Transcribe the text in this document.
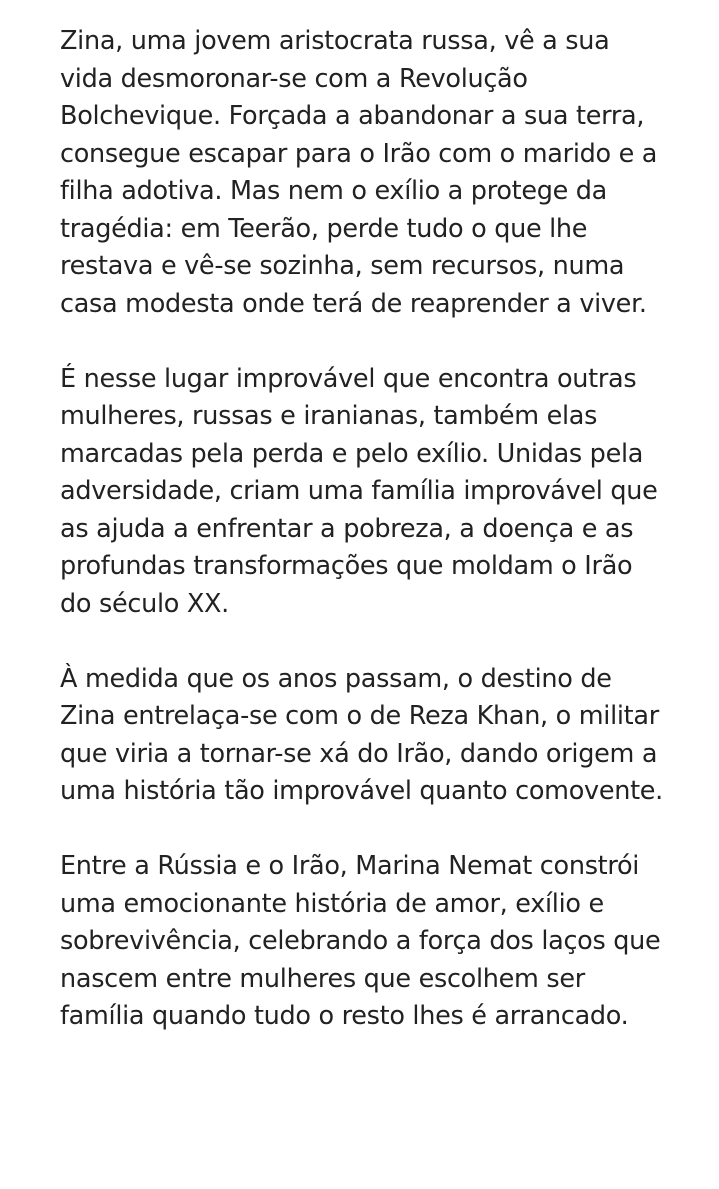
Zina, uma jovem aristocrata russa, vê a sua vida desmoronar-se com a Revolução Bolchevique. Forçada a abandonar a sua terra, consegue escapar para o Irão com o marido e a filha adotiva. Mas nem o exílio a protege da tragédia: em Teerão, perde tudo o que lhe restava e vê-se sozinha, sem recursos, numa casa modesta onde terá de reaprender a viver.

É nesse lugar improvável que encontra outras mulheres, russas e iranianas, também elas marcadas pela perda e pelo exílio. Unidas pela adversidade, criam uma família improvável que as ajuda a enfrentar a pobreza, a doença e as profundas transformações que moldam o Irão do século XX.

À medida que os anos passam, o destino de Zina entrelaça-se com o de Reza Khan, o militar que viria a tornar-se xá do Irão, dando origem a uma história tão improvável quanto comovente.

Entre a Rússia e o Irão, Marina Nemat constrói uma emocionante história de amor, exílio e sobrevivência, celebrando a força dos laços que nascem entre mulheres que escolhem ser família quando tudo o resto lhes é arrancado.
